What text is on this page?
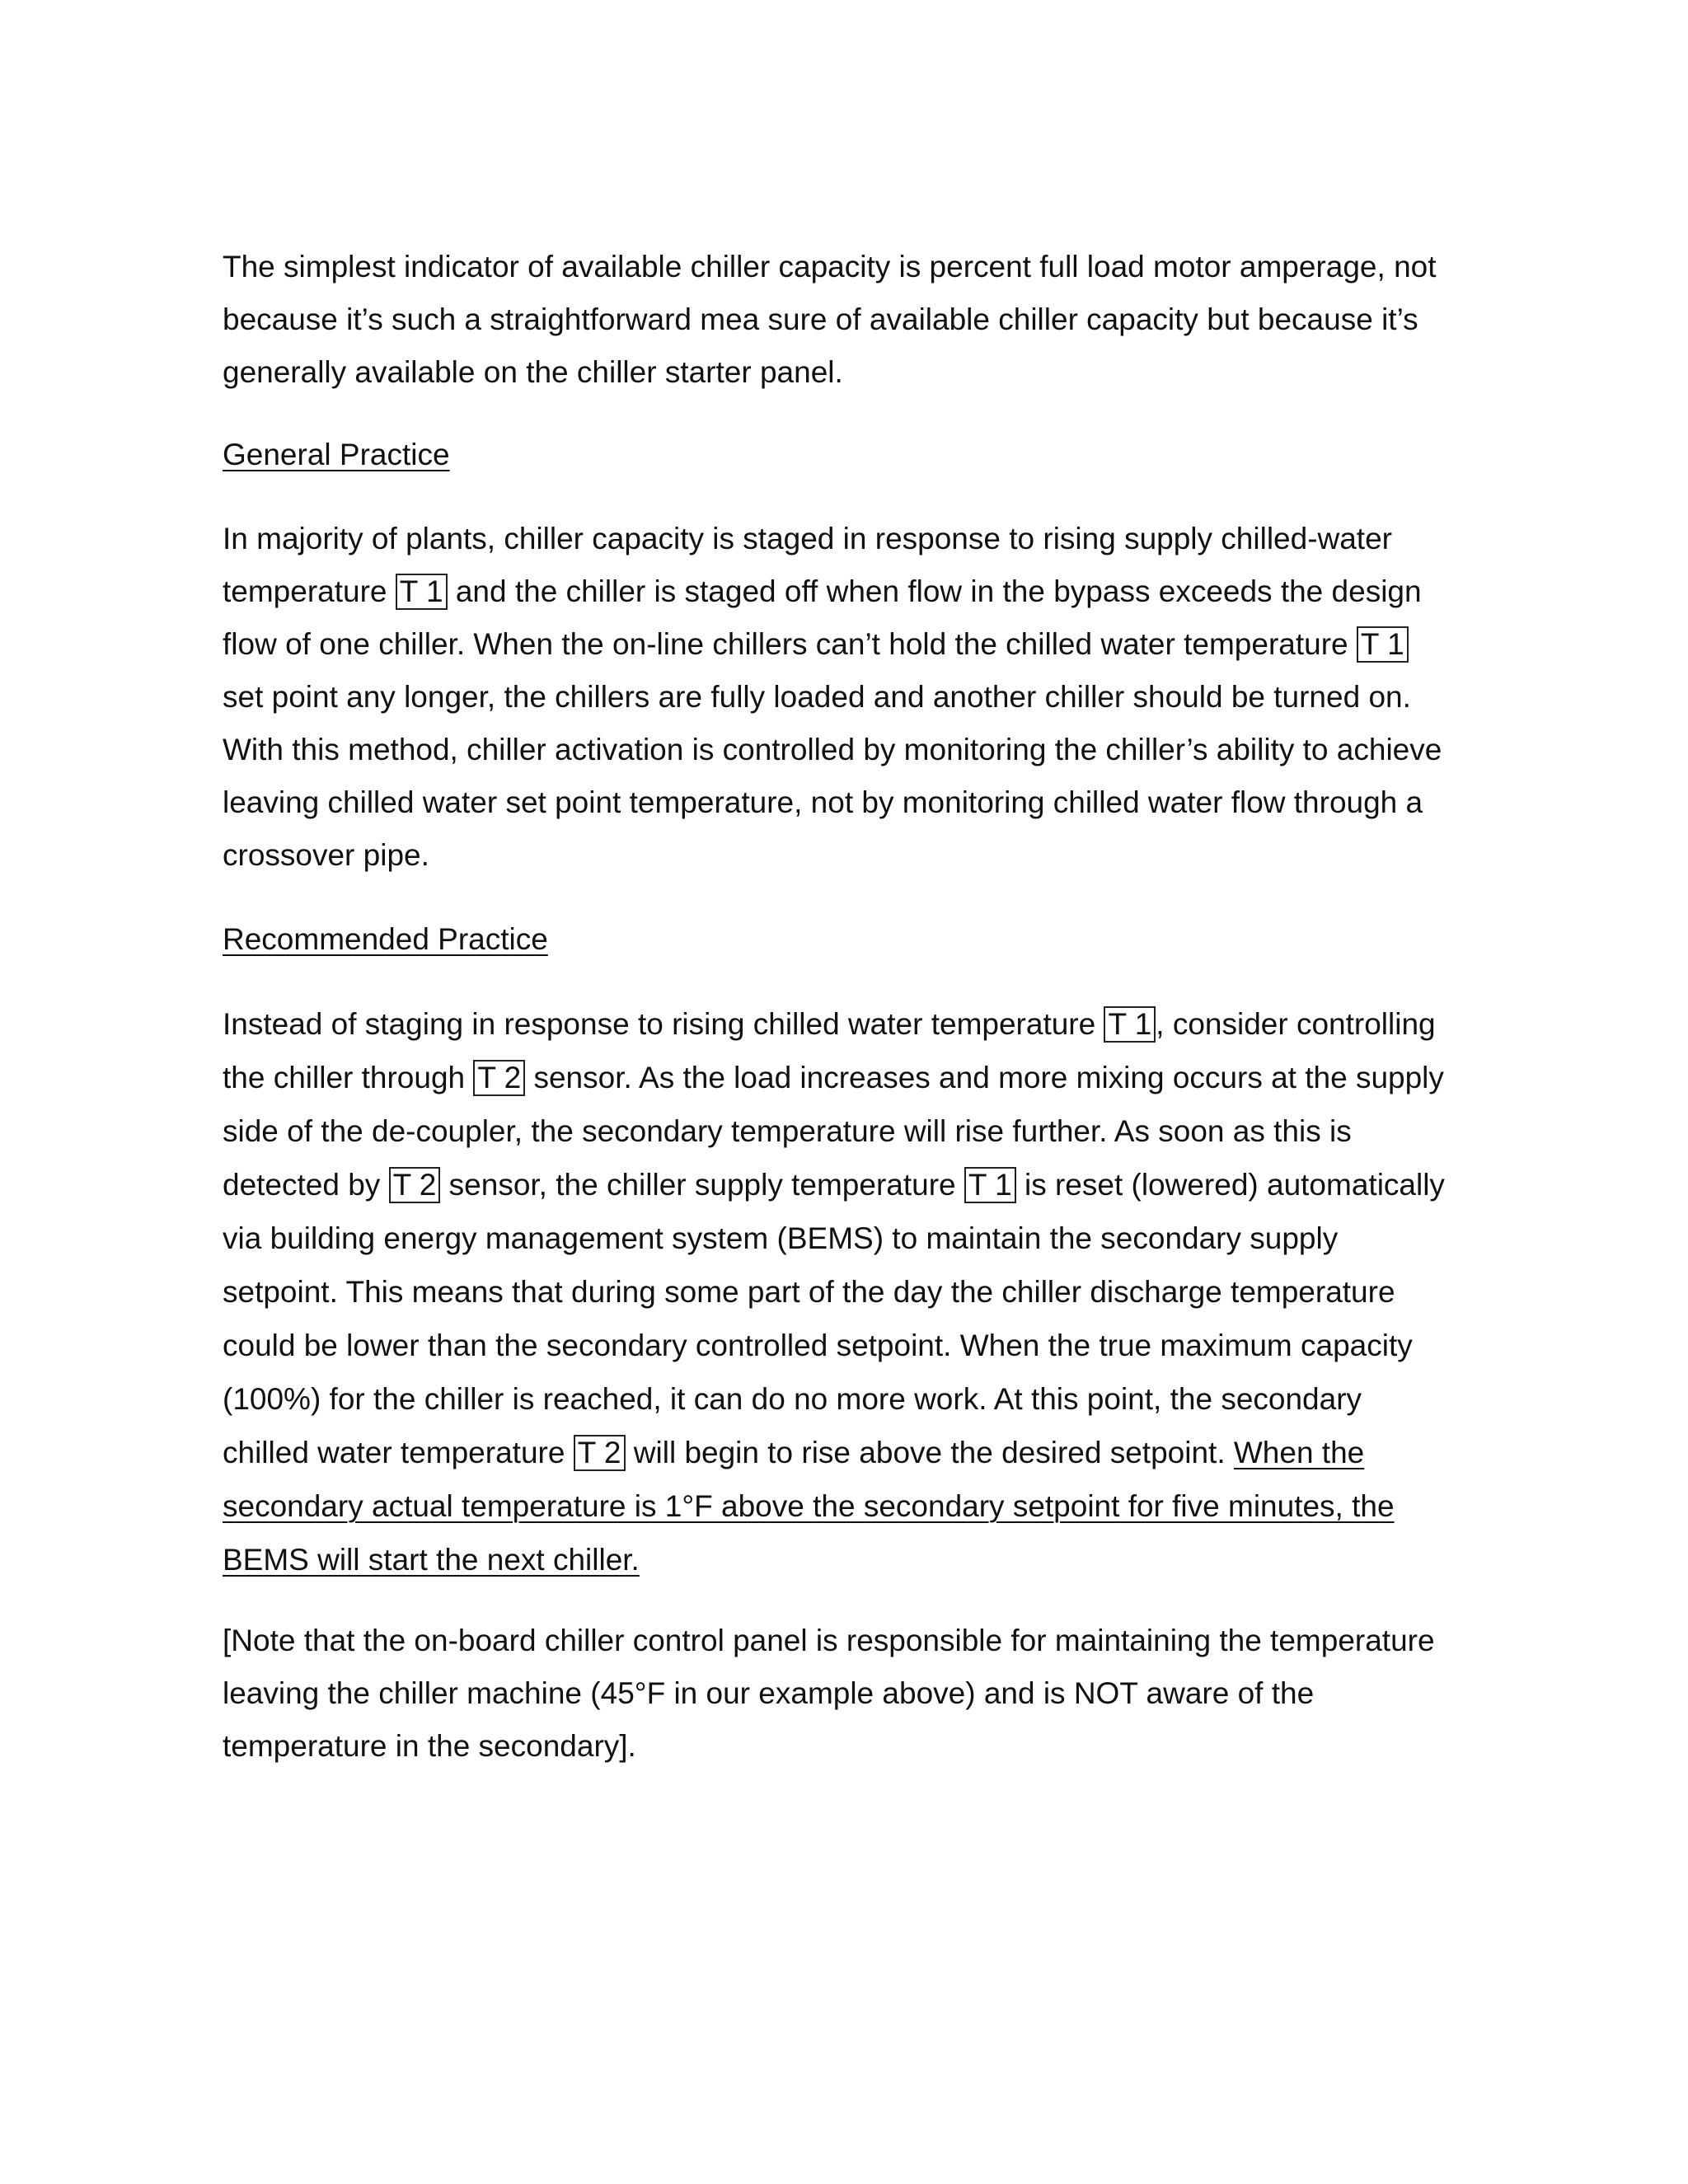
The simplest indicator of available chiller capacity is percent full load motor amperage, not because it’s such a straightforward mea sure of available chiller capacity but because it’s generally available on the chiller starter panel.

General Practice

In majority of plants, chiller capacity is staged in response to rising supply chilled-water temperature T 1 and the chiller is staged off when flow in the bypass exceeds the design flow of one chiller. When the on-line chillers can’t hold the chilled water temperature T 1 set point any longer, the chillers are fully loaded and another chiller should be turned on. With this method, chiller activation is controlled by monitoring the chiller’s ability to achieve leaving chilled water set point temperature, not by monitoring chilled water flow through a crossover pipe.

Recommended Practice

Instead of staging in response to rising chilled water temperature T 1 , consider controlling the chiller through T 2 sensor. As the load increases and more mixing occurs at the supply side of the de-coupler, the secondary temperature will rise further. As soon as this is detected by T 2 sensor, the chiller supply temperature T 1 is reset (lowered) automatically via building energy management system (BEMS) to maintain the secondary supply setpoint. This means that during some part of the day the chiller discharge temperature could be lower than the secondary controlled setpoint. When the true maximum capacity (100%) for the chiller is reached, it can do no more work. At this point, the secondary chilled water temperature T 2 will begin to rise above the desired setpoint. When the secondary actual temperature is 1°F above the secondary setpoint for five minutes, the BEMS will start the next chiller.

[Note that the on-board chiller control panel is responsible for maintaining the temperature leaving the chiller machine (45°F in our example above) and is NOT aware of the temperature in the secondary].
